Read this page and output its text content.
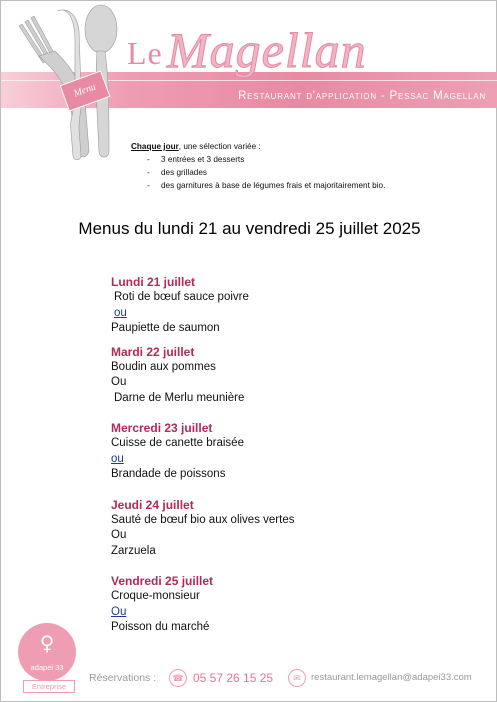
Menu
Le Magellan
Restaurant d'application - Pessac Magellan
Chaque jour, une sélection variée :
- 3 entrées et 3 desserts
- des grillades
- des garnitures à base de légumes frais et majoritairement bio.
Menus du lundi 21 au vendredi 25 juillet 2025
Lundi 21 juillet
Roti de bœuf sauce poivre
ou
Paupiette de saumon
Mardi 22 juillet
Boudin aux pommes
Ou
Darne de Merlu meunière
Mercredi 23 juillet
Cuisse de canette braisée
ou
Brandade de poissons
Jeudi 24 juillet
Sauté de bœuf bio aux olives vertes
Ou
Zarzuela
Vendredi 25 juillet
Croque-monsieur
Ou
Poisson du marché
♀
adapei 33
Entreprise
Réservations :	☎ 05 57 26 15 25	✉	restaurant.lemagellan@adapei33.com
